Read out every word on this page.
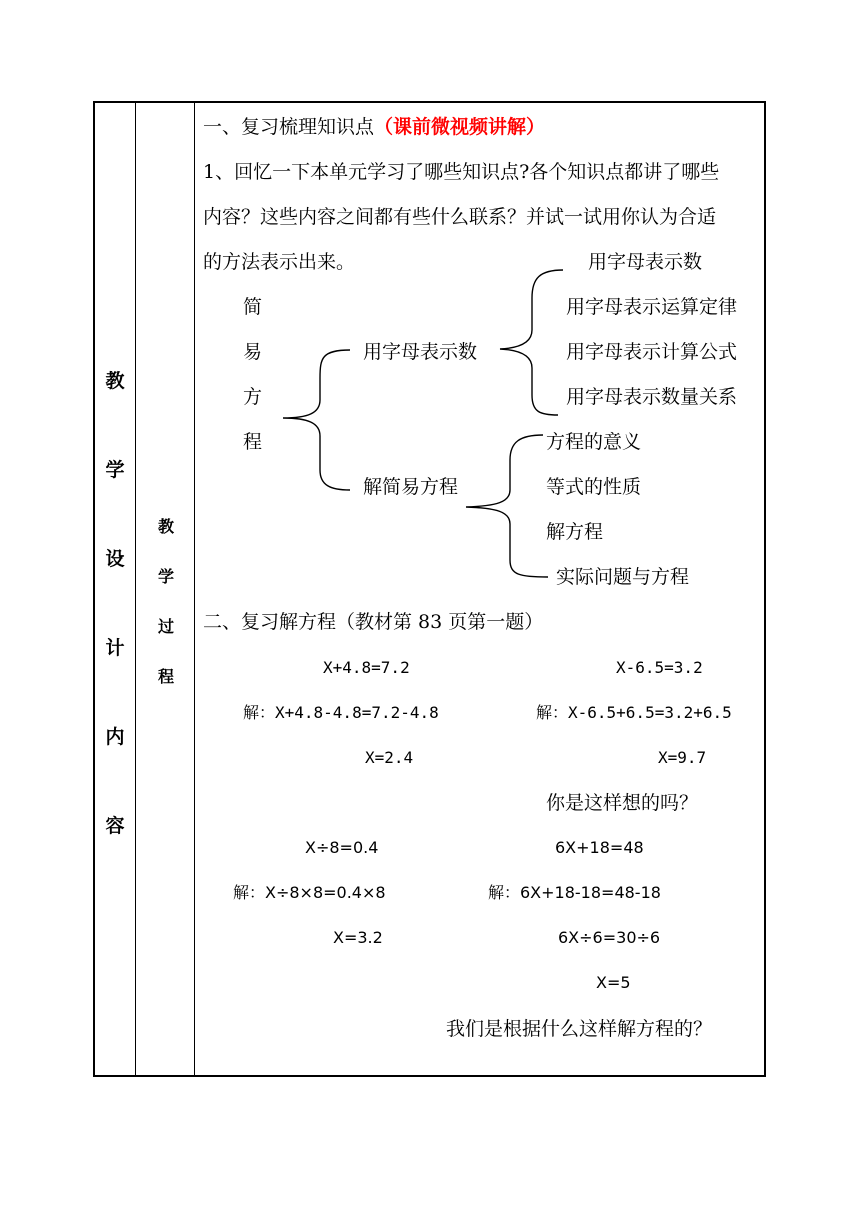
教
学
设
计
内
容
教
学
过
程
一、复习梳理知识点（课前微视频讲解）
1、回忆一下本单元学习了哪些知识点?各个知识点都讲了哪些
内容？这些内容之间都有些什么联系？并试一试用你认为合适
的方法表示出来。
简
易
方
程
用字母表示数
用字母表示数
用字母表示运算定律
用字母表示计算公式
用字母表示数量关系
解简易方程
方程的意义
等式的性质
解方程
实际问题与方程
二、复习解方程（教材第 83 页第一题）
X+4.8=7.2
解：X+4.8-4.8=7.2-4.8
X=2.4
X-6.5=3.2
解：X-6.5+6.5=3.2+6.5
X=9.7
你是这样想的吗？
X÷8=0.4
解：X÷8×8=0.4×8
X=3.2
6X+18=48
解：6X+18-18=48-18
6X÷6=30÷6
X=5
我们是根据什么这样解方程的？
